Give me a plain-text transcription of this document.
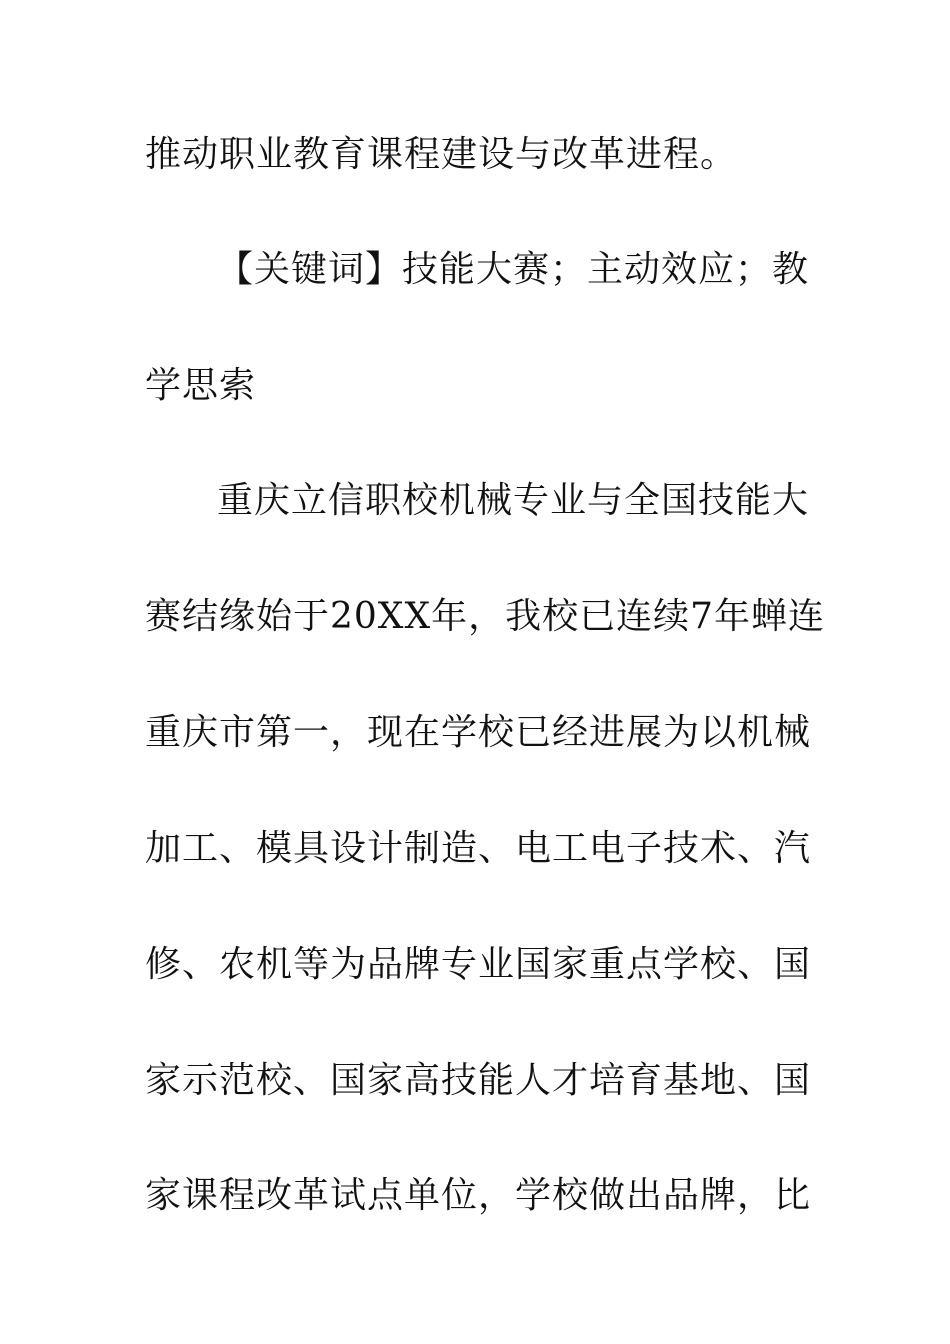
推动职业教育课程建设与改革进程。
【关键词】技能大赛；主动效应；教
学思索
重庆立信职校机械专业与全国技能大
赛结缘始于20XX年，我校已连续7年蝉连
重庆市第一，现在学校已经进展为以机械
加工、模具设计制造、电工电子技术、汽
修、农机等为品牌专业国家重点学校、国
家示范校、国家高技能人才培育基地、国
家课程改革试点单位，学校做出品牌，比
